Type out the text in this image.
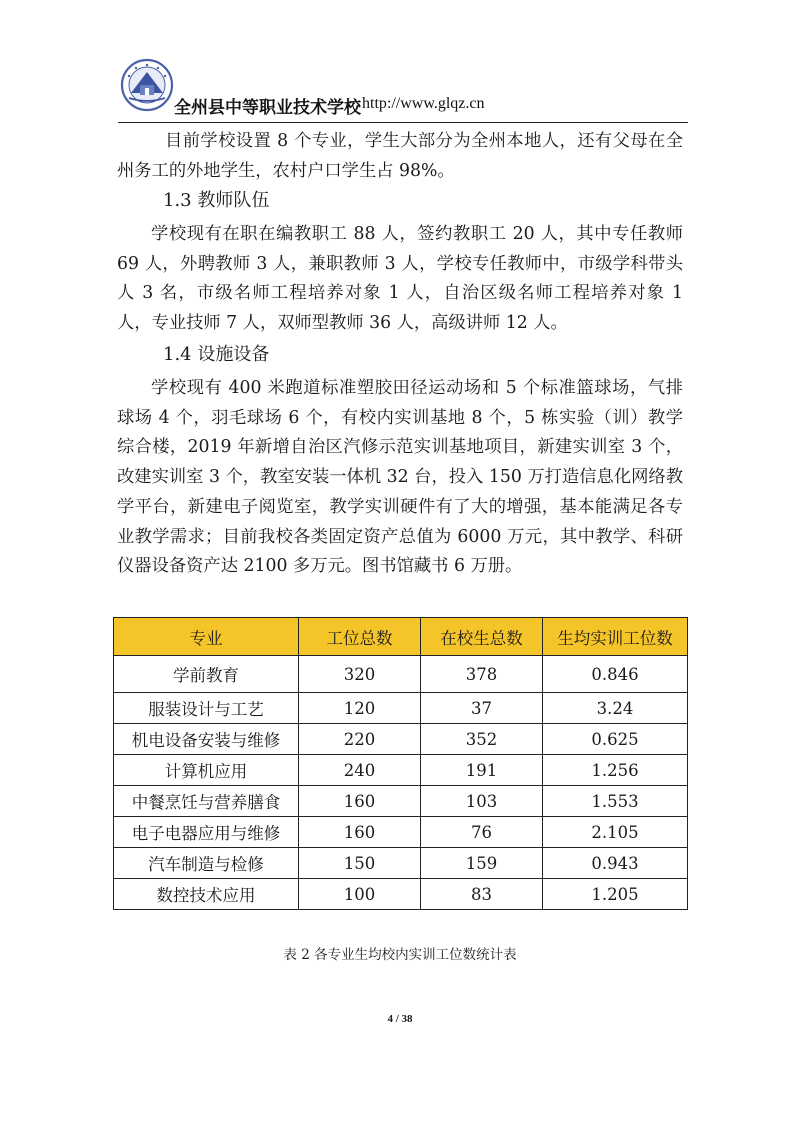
全州县中等职业技术学校 http://www.glqz.cn
目前学校设置 8 个专业，学生大部分为全州本地人，还有父母在全州务工的外地学生，农村户口学生占 98%。
1.3 教师队伍
学校现有在职在编教职工 88 人，签约教职工 20 人，其中专任教师 69 人，外聘教师 3 人，兼职教师 3 人，学校专任教师中，市级学科带头人 3 名，市级名师工程培养对象 1 人，自治区级名师工程培养对象 1 人，专业技师 7 人，双师型教师 36 人，高级讲师 12 人。
1.4 设施设备
学校现有 400 米跑道标准塑胶田径运动场和 5 个标准篮球场，气排球场 4 个，羽毛球场 6 个，有校内实训基地 8 个，5 栋实验（训）教学综合楼，2019 年新增自治区汽修示范实训基地项目，新建实训室 3 个，改建实训室 3 个，教室安装一体机 32 台，投入 150 万打造信息化网络教学平台，新建电子阅览室，教学实训硬件有了大的增强，基本能满足各专业教学需求；目前我校各类固定资产总值为 6000 万元，其中教学、科研仪器设备资产达 2100 多万元。图书馆藏书 6 万册。
专业	工位总数	在校生总数	生均实训工位数
学前教育	320	378	0.846
服装设计与工艺	120	37	3.24
机电设备安装与维修	220	352	0.625
计算机应用	240	191	1.256
中餐烹饪与营养膳食	160	103	1.553
电子电器应用与维修	160	76	2.105
汽车制造与检修	150	159	0.943
数控技术应用	100	83	1.205
表 2 各专业生均校内实训工位数统计表
4 / 38
